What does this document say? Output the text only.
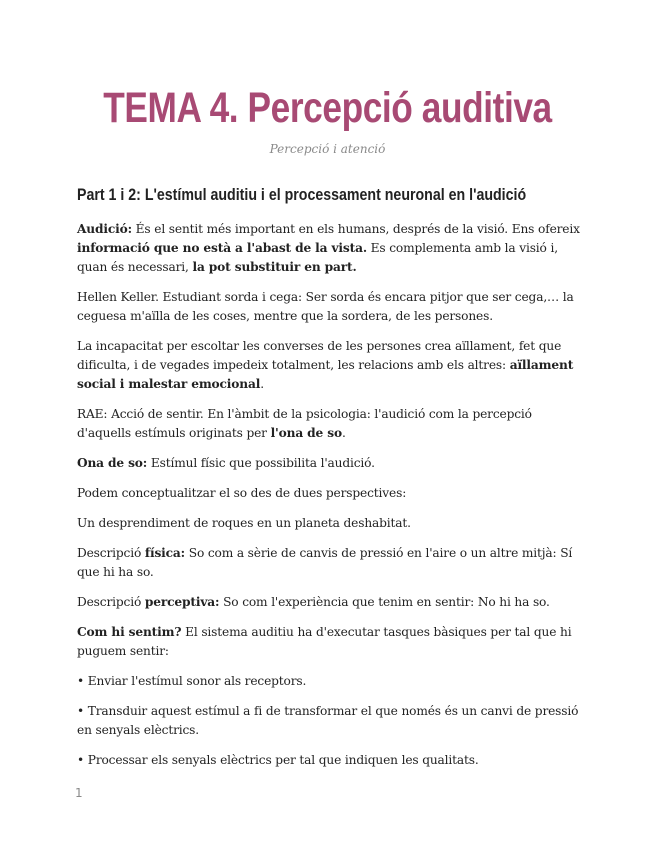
TEMA 4. Percepció auditiva
Percepció i atenció
Part 1 i 2: L'estímul auditiu i el processament neuronal en l'audició

Audició: És el sentit més important en els humans, després de la visió. Ens ofereix informació que no està a l'abast de la vista. Es complementa amb la visió i, quan és necessari, la pot substituir en part.

Hellen Keller. Estudiant sorda i cega: Ser sorda és encara pitjor que ser cega,… la ceguesa m'aïlla de les coses, mentre que la sordera, de les persones.

La incapacitat per escoltar les converses de les persones crea aïllament, fet que dificulta, i de vegades impedeix totalment, les relacions amb els altres: aïllament social i malestar emocional.

RAE: Acció de sentir. En l'àmbit de la psicologia: l'audició com la percepció d'aquells estímuls originats per l'ona de so.

Ona de so: Estímul físic que possibilita l'audició.

Podem conceptualitzar el so des de dues perspectives:

Un desprendiment de roques en un planeta deshabitat.

Descripció física: So com a sèrie de canvis de pressió en l'aire o un altre mitjà: Sí que hi ha so.

Descripció perceptiva: So com l'experiència que tenim en sentir: No hi ha so.

Com hi sentim? El sistema auditiu ha d'executar tasques bàsiques per tal que hi puguem sentir:

• Enviar l'estímul sonor als receptors.

• Transduir aquest estímul a fi de transformar el que només és un canvi de pressió en senyals elèctrics.

• Processar els senyals elèctrics per tal que indiquen les qualitats.

1
